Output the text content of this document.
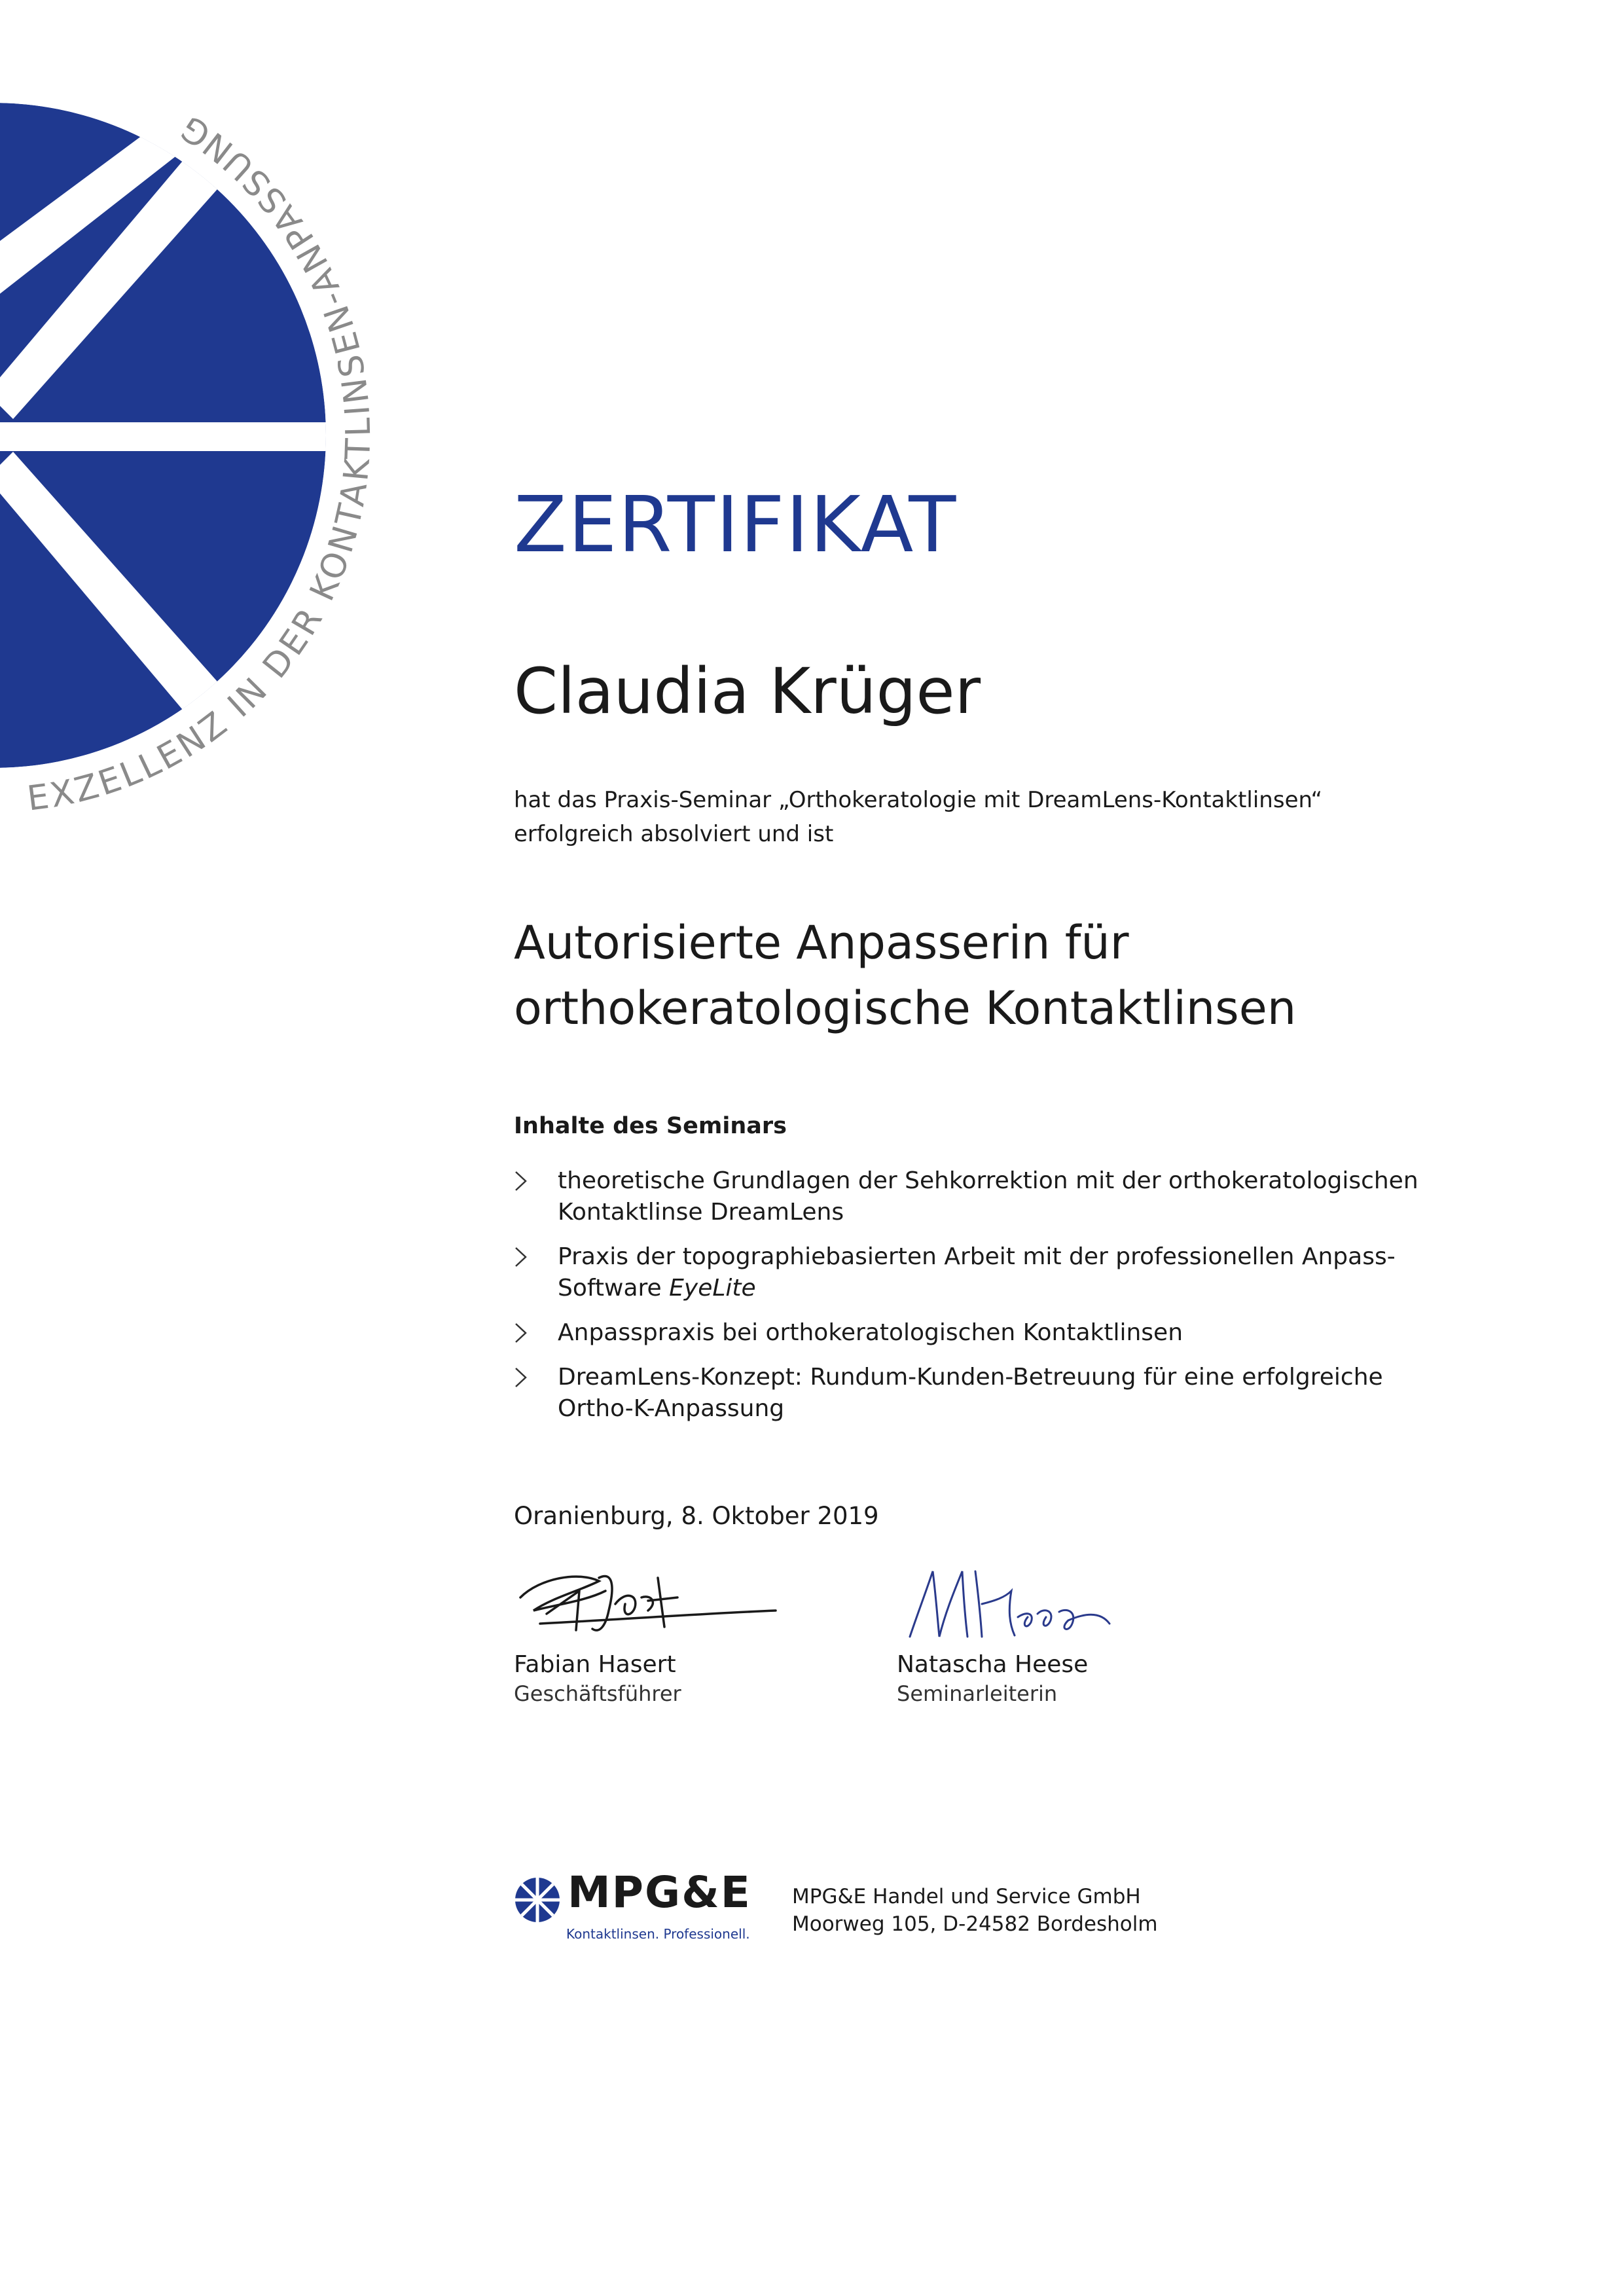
EXZELLENZ IN DER KONTAKTLINSEN-ANPASSUNG
ZERTIFIKAT
Claudia Krüger
hat das Praxis-Seminar „Orthokeratologie mit DreamLens-Kontaktlinsen“
erfolgreich absolviert und ist
Autorisierte Anpasserin für
orthokeratologische Kontaktlinsen
Inhalte des Seminars
theoretische Grundlagen der Sehkorrektion mit der orthokeratologischen
Kontaktlinse DreamLens
Praxis der topographiebasierten Arbeit mit der professionellen Anpass-
Software EyeLite
Anpasspraxis bei orthokeratologischen Kontaktlinsen
DreamLens-Konzept: Rundum-Kunden-Betreuung für eine erfolgreiche
Ortho-K-Anpassung
Oranienburg, 8. Oktober 2019
Fabian Hasert
Geschäftsführer
Natascha Heese
Seminarleiterin
MPG&E
Kontaktlinsen. Professionell.
MPG&E Handel und Service GmbH
Moorweg 105, D-24582 Bordesholm
